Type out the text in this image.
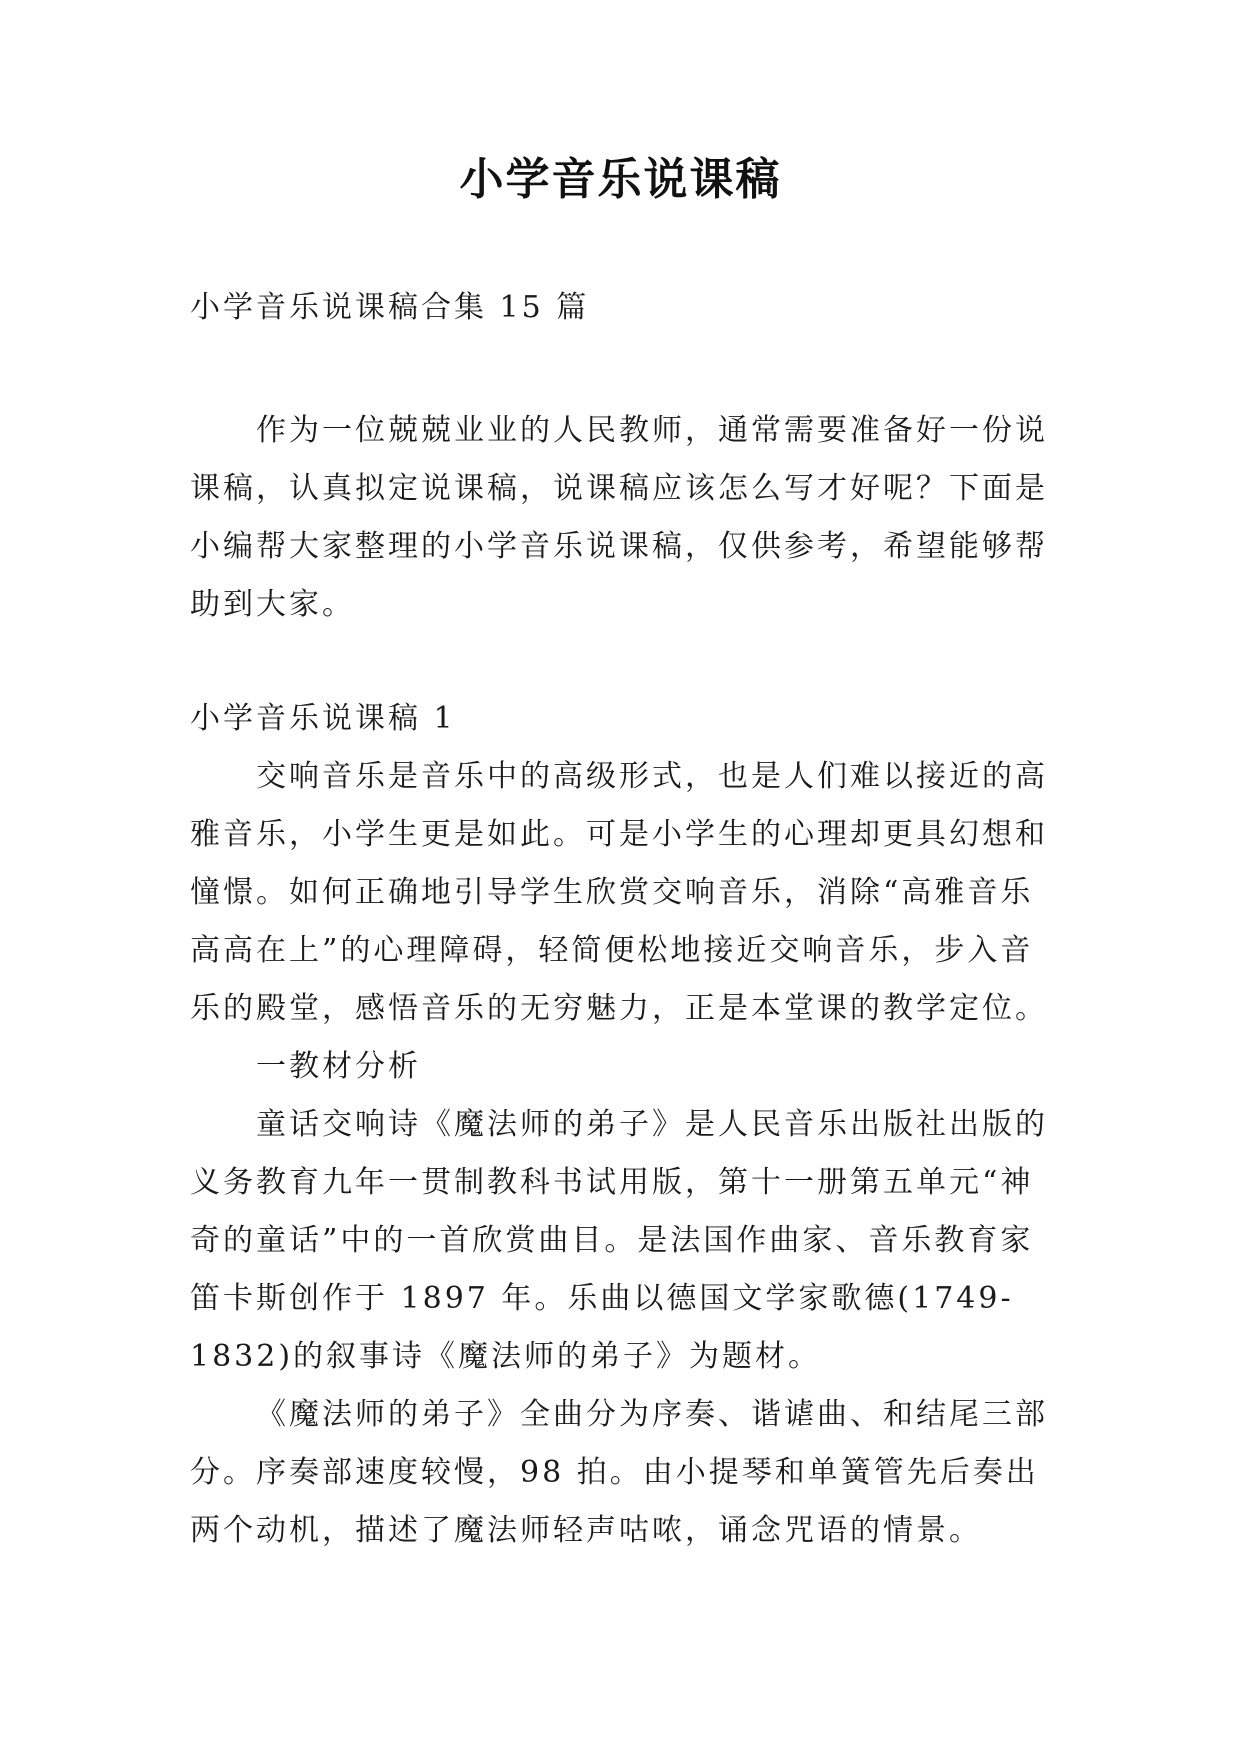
小学音乐说课稿
小学音乐说课稿合集 15 篇

作为一位兢兢业业的人民教师，通常需要准备好一份说课稿，认真拟定说课稿，说课稿应该怎么写才好呢？下面是小编帮大家整理的小学音乐说课稿，仅供参考，希望能够帮助到大家。

小学音乐说课稿 1

交响音乐是音乐中的高级形式，也是人们难以接近的高雅音乐，小学生更是如此。可是小学生的心理却更具幻想和憧憬。如何正确地引导学生欣赏交响音乐，消除“高雅音乐高高在上”的心理障碍，轻简便松地接近交响音乐，步入音乐的殿堂，感悟音乐的无穷魅力，正是本堂课的教学定位。

一教材分析

童话交响诗《魔法师的弟子》是人民音乐出版社出版的义务教育九年一贯制教科书试用版，第十一册第五单元“神奇的童话”中的一首欣赏曲目。是法国作曲家、音乐教育家笛卡斯创作于 1897 年。乐曲以德国文学家歌德(1749-1832)的叙事诗《魔法师的弟子》为题材。

《魔法师的弟子》全曲分为序奏、谐谑曲、和结尾三部分。序奏部速度较慢，98 拍。由小提琴和单簧管先后奏出两个动机，描述了魔法师轻声咕哝，诵念咒语的情景。
